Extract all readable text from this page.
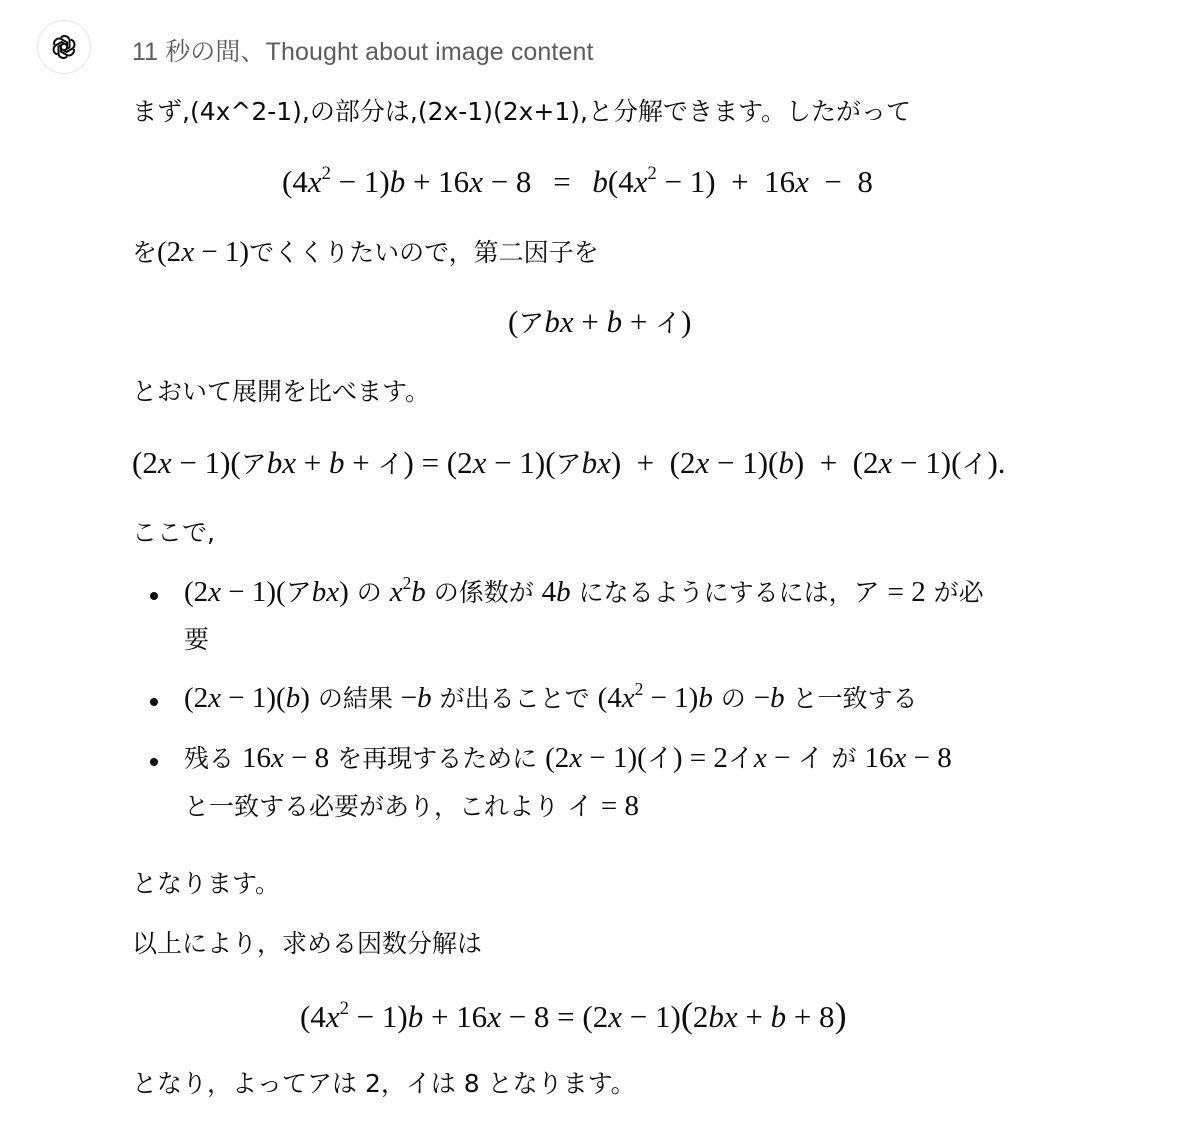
11 秒の間、Thought about image content
まず,(4x^2-1),の部分は,(2x-1)(2x+1),と分解できます。したがって
$(4x^2 - 1)b + 16x - 8 = b(4x^2 - 1) + 16x - 8$
を(2x − 1)でくくりたいので，第二因子を
(アbx + b + イ)
とおいて展開を比べます。
(2x − 1)(アbx + b + イ) = (2x − 1)(アbx)  +  (2x − 1)(b)  +  (2x − 1)(イ).
ここで,
(2x − 1)(アbx) の $x^2b$ の係数が 4b になるようにするには，ア = 2 が必
要
(2x − 1)(b) の結果 −b が出ることで $(4x^2 - 1)b$ の −b と一致する
残る 16x − 8 を再現するために (2x − 1)(イ) = 2イx − イ が 16x − 8
と一致する必要があり，これより イ = 8
となります。
以上により，求める因数分解は
$(4x^2 - 1)b + 16x - 8 = (2x - 1)(2bx + b + 8)$
となり，よってアは 2，イは 8 となります。
